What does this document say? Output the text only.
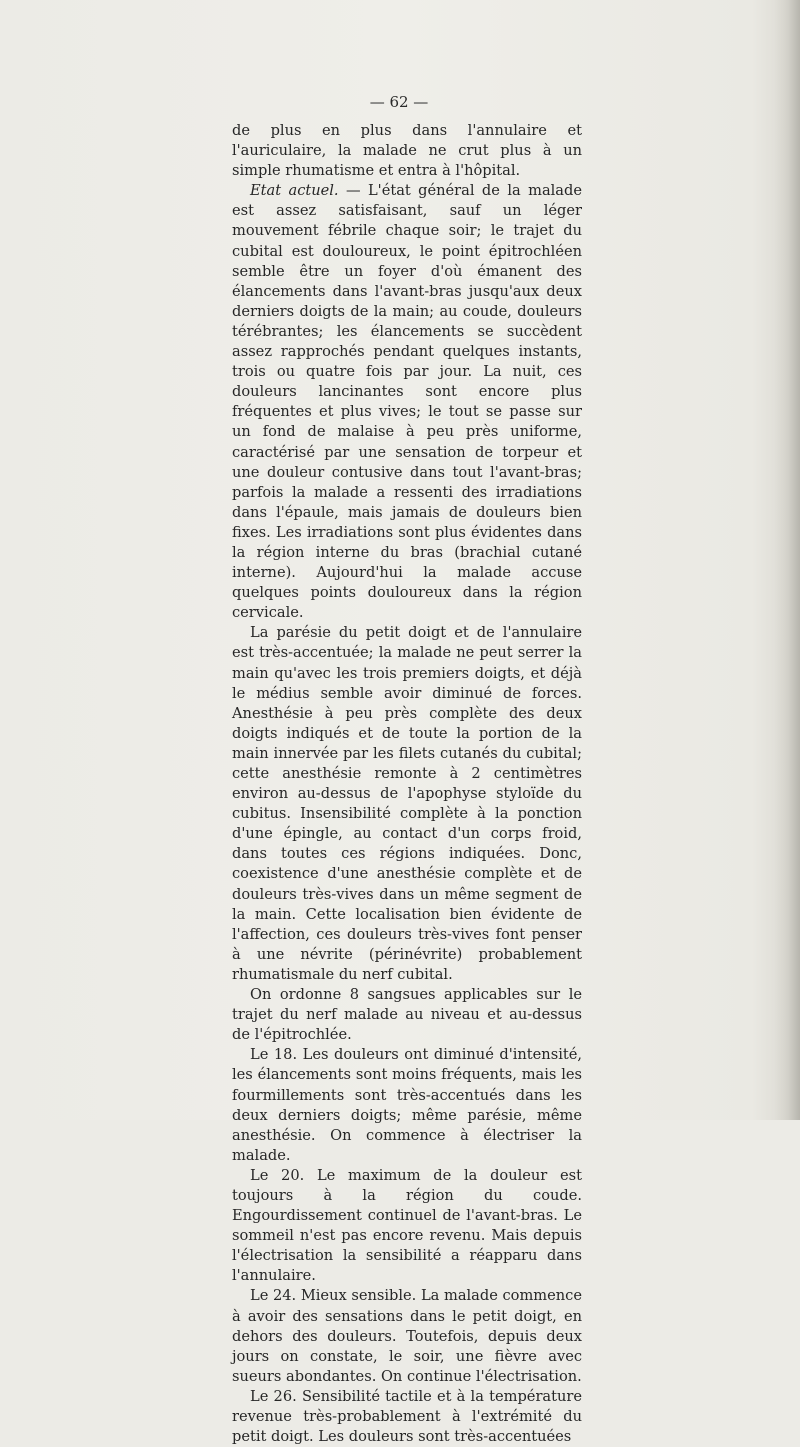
— 62 —

de plus en plus dans l'annulaire et l'auriculaire, la malade ne crut plus à un simple rhumatisme et entra à l'hôpital.

Etat actuel. — L'état général de la malade est assez satisfaisant, sauf un léger mouvement fébrile chaque soir; le trajet du cubital est douloureux, le point épitrochléen semble être un foyer d'où émanent des élancements dans l'avant-bras jusqu'aux deux derniers doigts de la main; au coude, douleurs térébrantes; les élancements se succèdent assez rapprochés pendant quelques instants, trois ou quatre fois par jour. La nuit, ces douleurs lancinantes sont encore plus fréquentes et plus vives; le tout se passe sur un fond de malaise à peu près uniforme, caractérisé par une sensation de torpeur et une douleur contusive dans tout l'avant-bras; parfois la malade a ressenti des irradiations dans l'épaule, mais jamais de douleurs bien fixes. Les irradiations sont plus évidentes dans la région interne du bras (brachial cutané interne). Aujourd'hui la malade accuse quelques points douloureux dans la région cervicale.

La parésie du petit doigt et de l'annulaire est très-accentuée; la malade ne peut serrer la main qu'avec les trois premiers doigts, et déjà le médius semble avoir diminué de forces. Anesthésie à peu près complète des deux doigts indiqués et de toute la portion de la main innervée par les filets cutanés du cubital; cette anesthésie remonte à 2 centimètres environ au-dessus de l'apophyse styloïde du cubitus. Insensibilité complète à la ponction d'une épingle, au contact d'un corps froid, dans toutes ces régions indiquées. Donc, coexistence d'une anesthésie complète et de douleurs très-vives dans un même segment de la main. Cette localisation bien évidente de l'affection, ces douleurs très-vives font penser à une névrite (périnévrite) probablement rhumatismale du nerf cubital.

On ordonne 8 sangsues applicables sur le trajet du nerf malade au niveau et au-dessus de l'épitrochlée.

Le 18. Les douleurs ont diminué d'intensité, les élancements sont moins fréquents, mais les fourmillements sont très-accentués dans les deux derniers doigts; même parésie, même anesthésie. On commence à électriser la malade.

Le 20. Le maximum de la douleur est toujours à la région du coude. Engourdissement continuel de l'avant-bras. Le sommeil n'est pas encore revenu. Mais depuis l'électrisation la sensibilité a réapparu dans l'annulaire.

Le 24. Mieux sensible. La malade commence à avoir des sensations dans le petit doigt, en dehors des douleurs. Toutefois, depuis deux jours on constate, le soir, une fièvre avec sueurs abondantes. On continue l'électrisation.

Le 26. Sensibilité tactile et à la température revenue très-probablement à l'extrémité du petit doigt. Les douleurs sont très-accentuées
